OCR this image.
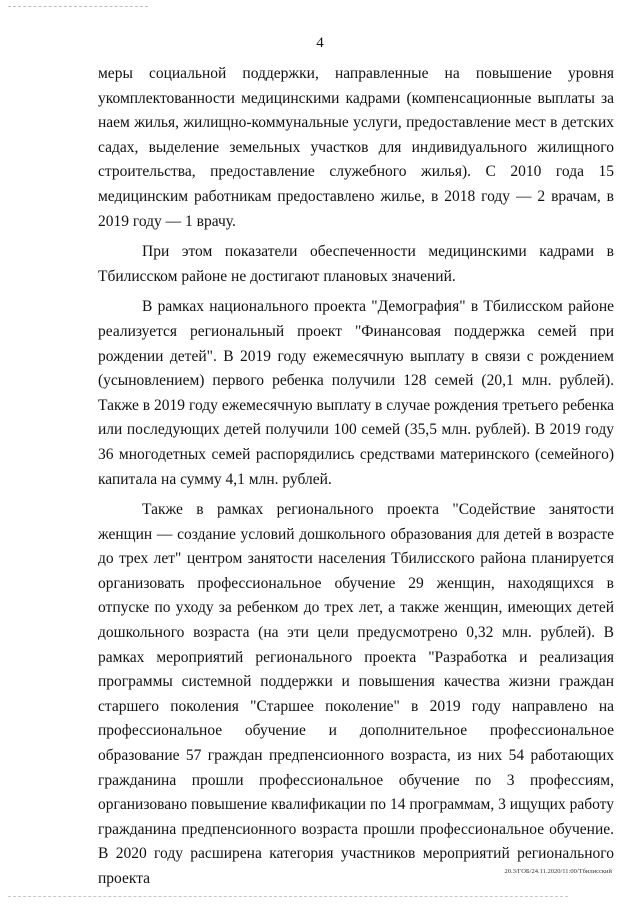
4

меры социальной поддержки, направленные на повышение уровня укомплектованности медицинскими кадрами (компенсационные выплаты за наем жилья, жилищно-коммунальные услуги, предоставление мест в детских садах, выделение земельных участков для индивидуального жилищного строительства, предоставление служебного жилья). С 2010 года 15 медицинским работникам предоставлено жилье, в 2018 году — 2 врачам, в 2019 году — 1 врачу.

При этом показатели обеспеченности медицинскими кадрами в Тбилисском районе не достигают плановых значений.

В рамках национального проекта "Демография" в Тбилисском районе реализуется региональный проект "Финансовая поддержка семей при рождении детей". В 2019 году ежемесячную выплату в связи с рождением (усыновлением) первого ребенка получили 128 семей (20,1 млн. рублей). Также в 2019 году ежемесячную выплату в случае рождения третьего ребенка или последующих детей получили 100 семей (35,5 млн. рублей). В 2019 году 36 многодетных семей распорядились средствами материнского (семейного) капитала на сумму 4,1 млн. рублей.

Также в рамках регионального проекта "Содействие занятости женщин — создание условий дошкольного образования для детей в возрасте до трех лет" центром занятости населения Тбилисского района планируется организовать профессиональное обучение 29 женщин, находящихся в отпуске по уходу за ребенком до трех лет, а также женщин, имеющих детей дошкольного возраста (на эти цели предусмотрено 0,32 млн. рублей). В рамках мероприятий регионального проекта "Разработка и реализация программы системной поддержки и повышения качества жизни граждан старшего поколения "Старшее поколение" в 2019 году направлено на профессиональное обучение и дополнительное профессиональное образование 57 граждан предпенсионного возраста, из них 54 работающих гражданина прошли профессиональное обучение по 3 профессиям, организовано повышение квалификации по 14 программам, 3 ищущих работу гражданина предпенсионного возраста прошли профессиональное обучение. В 2020 году расширена категория участников мероприятий регионального проекта	20.3/ГОБ/24.11.2020/11:00/Тбилисский
